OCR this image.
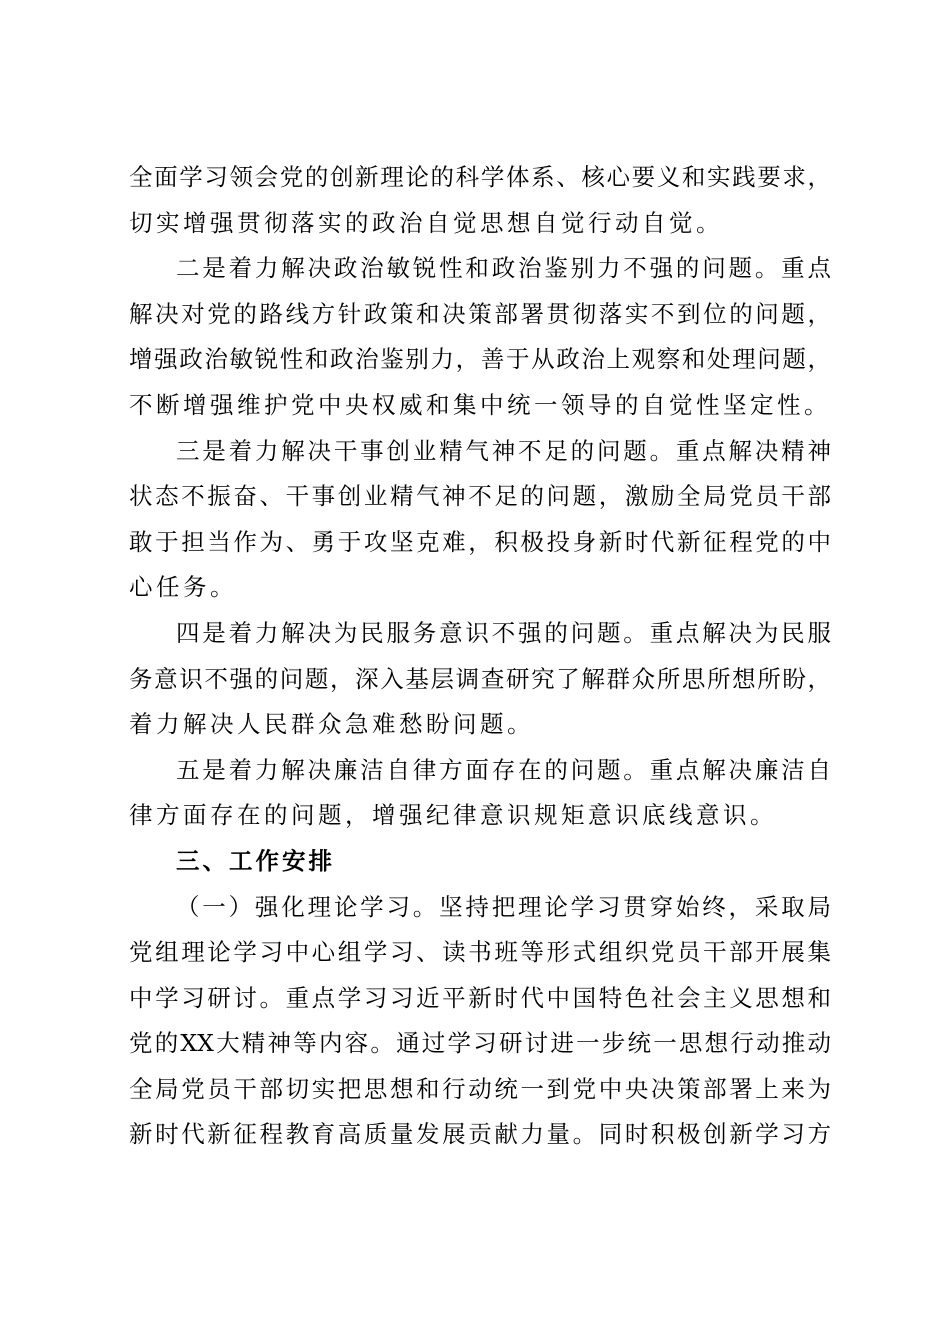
全面学习领会党的创新理论的科学体系、核心要义和实践要求，
切实增强贯彻落实的政治自觉思想自觉行动自觉。
二是着力解决政治敏锐性和政治鉴别力不强的问题。重点
解决对党的路线方针政策和决策部署贯彻落实不到位的问题，
增强政治敏锐性和政治鉴别力，善于从政治上观察和处理问题，
不断增强维护党中央权威和集中统一领导的自觉性坚定性。
三是着力解决干事创业精气神不足的问题。重点解决精神
状态不振奋、干事创业精气神不足的问题，激励全局党员干部
敢于担当作为、勇于攻坚克难，积极投身新时代新征程党的中
心任务。
四是着力解决为民服务意识不强的问题。重点解决为民服
务意识不强的问题，深入基层调查研究了解群众所思所想所盼，
着力解决人民群众急难愁盼问题。
五是着力解决廉洁自律方面存在的问题。重点解决廉洁自
律方面存在的问题，增强纪律意识规矩意识底线意识。
三、工作安排
（一）强化理论学习。坚持把理论学习贯穿始终，采取局
党组理论学习中心组学习、读书班等形式组织党员干部开展集
中学习研讨。重点学习习近平新时代中国特色社会主义思想和
党的XX大精神等内容。通过学习研讨进一步统一思想行动推动
全局党员干部切实把思想和行动统一到党中央决策部署上来为
新时代新征程教育高质量发展贡献力量。同时积极创新学习方
